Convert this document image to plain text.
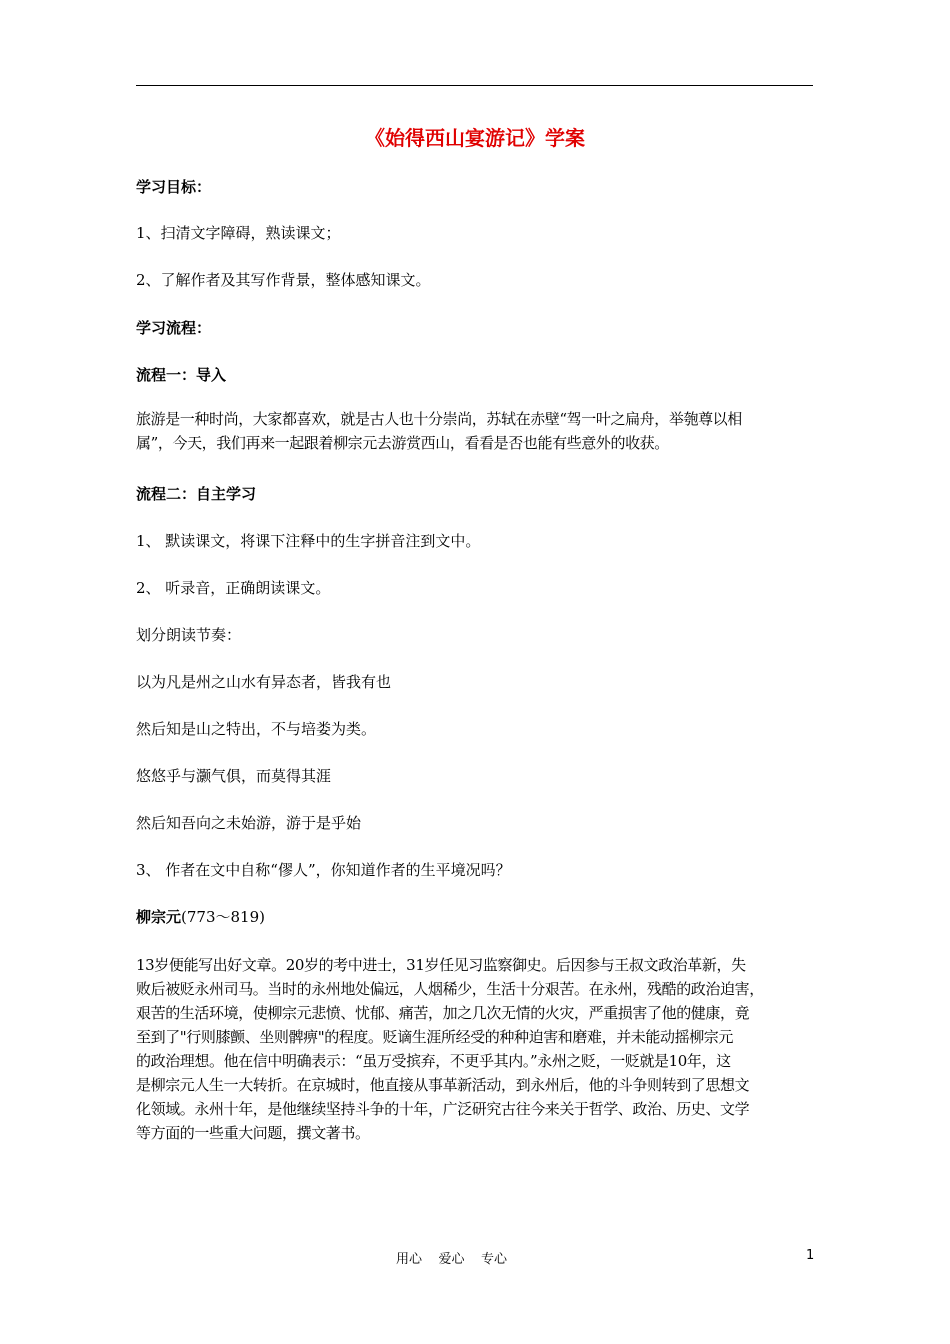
《始得西山宴游记》学案
学习目标：
1、扫清文字障碍，熟读课文；
2、了解作者及其写作背景，整体感知课文。
学习流程：
流程一：导入
旅游是一种时尚，大家都喜欢，就是古人也十分崇尚，苏轼在赤壁“驾一叶之扁舟，举匏尊以相
属”，今天，我们再来一起跟着柳宗元去游赏西山，看看是否也能有些意外的收获。
流程二：自主学习
1、 默读课文，将课下注释中的生字拼音注到文中。
2、 听录音，正确朗读课文。
划分朗读节奏：
以为凡是州之山水有异态者，皆我有也
然后知是山之特出，不与培娄为类。
悠悠乎与灏气俱，而莫得其涯
然后知吾向之未始游，游于是乎始
3、 作者在文中自称“僇人”，你知道作者的生平境况吗？
柳宗元(773～819)
13岁便能写出好文章。20岁的考中进士，31岁任见习监察御史。后因参与王叔文政治革新，失
败后被贬永州司马。当时的永州地处偏远，人烟稀少，生活十分艰苦。在永州，残酷的政治迫害，
艰苦的生活环境，使柳宗元悲愤、忧郁、痛苦，加之几次无情的火灾，严重损害了他的健康，竟
至到了"行则膝颤、坐则髀痹"的程度。贬谪生涯所经受的种种迫害和磨难，并未能动摇柳宗元
的政治理想。他在信中明确表示：“虽万受摈弃，不更乎其内。”永州之贬，一贬就是10年，这
是柳宗元人生一大转折。在京城时，他直接从事革新活动，到永州后，他的斗争则转到了思想文
化领域。永州十年，是他继续坚持斗争的十年，广泛研究古往今来关于哲学、政治、历史、文学
等方面的一些重大问题，撰文著书。
用心    爱心    专心	1
